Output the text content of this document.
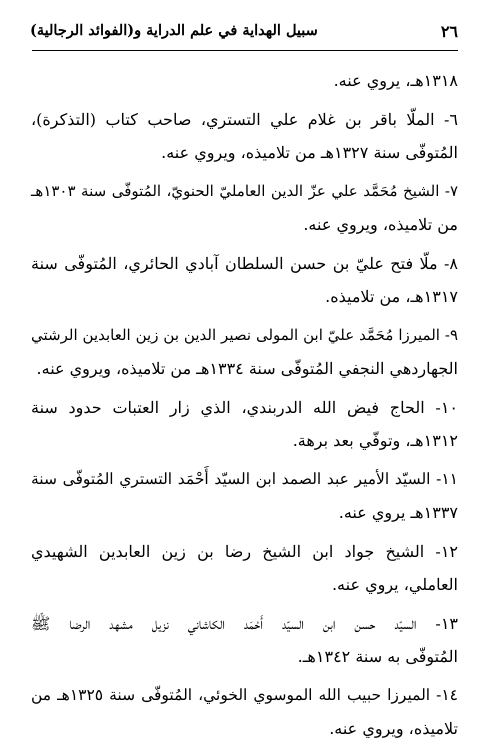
٢٦
سبيل الهداية في علم الدراية و(الفوائد الرجالية)
١٣١٨هـ، يروي عنه.
٦- الملّا باقر بن غلام علي التستري، صاحب كتاب (التذكرة)،
المُتوفّى سنة ١٣٢٧هـ من تلاميذه، ويروي عنه.
٧- الشيخ مُحَمَّد علي عزّ الدين العامليّ الحنويّ، المُتوفّى سنة ١٣٠٣هـ
من تلاميذه، ويروي عنه.
٨- ملّا فتح عليّ بن حسن السلطان آبادي الحائري، المُتوفّى سنة
١٣١٧هـ، من تلاميذه.
٩- الميرزا مُحَمَّد عليّ ابن المولى نصير الدين بن زين العابدين الرشتي
الجهاردهي النجفي المُتوفّى سنة ١٣٣٤هـ من تلاميذه، ويروي عنه.
١٠- الحاج فيض الله الدربندي، الذي زار العتبات حدود سنة
١٣١٢هـ، وتوفّي بعد برهة.
١١- السيّد الأمير عبد الصمد ابن السيّد أَحْمَد التستري المُتوفّى سنة
١٣٣٧هـ يروي عنه.
١٢- الشيخ جواد ابن الشيخ رضا بن زين العابدين الشهيدي
العاملي، يروي عنه.
١٣- السيّد حسن ابن السيّد أَحْمَد الكاشاني نزيل مشهد الرضا ﷺ
المُتوفّى به سنة ١٣٤٢هـ.
١٤- الميرزا حبيب الله الموسوي الخوئي، المُتوفّى سنة ١٣٢٥هـ من
تلاميذه، ويروي عنه.
